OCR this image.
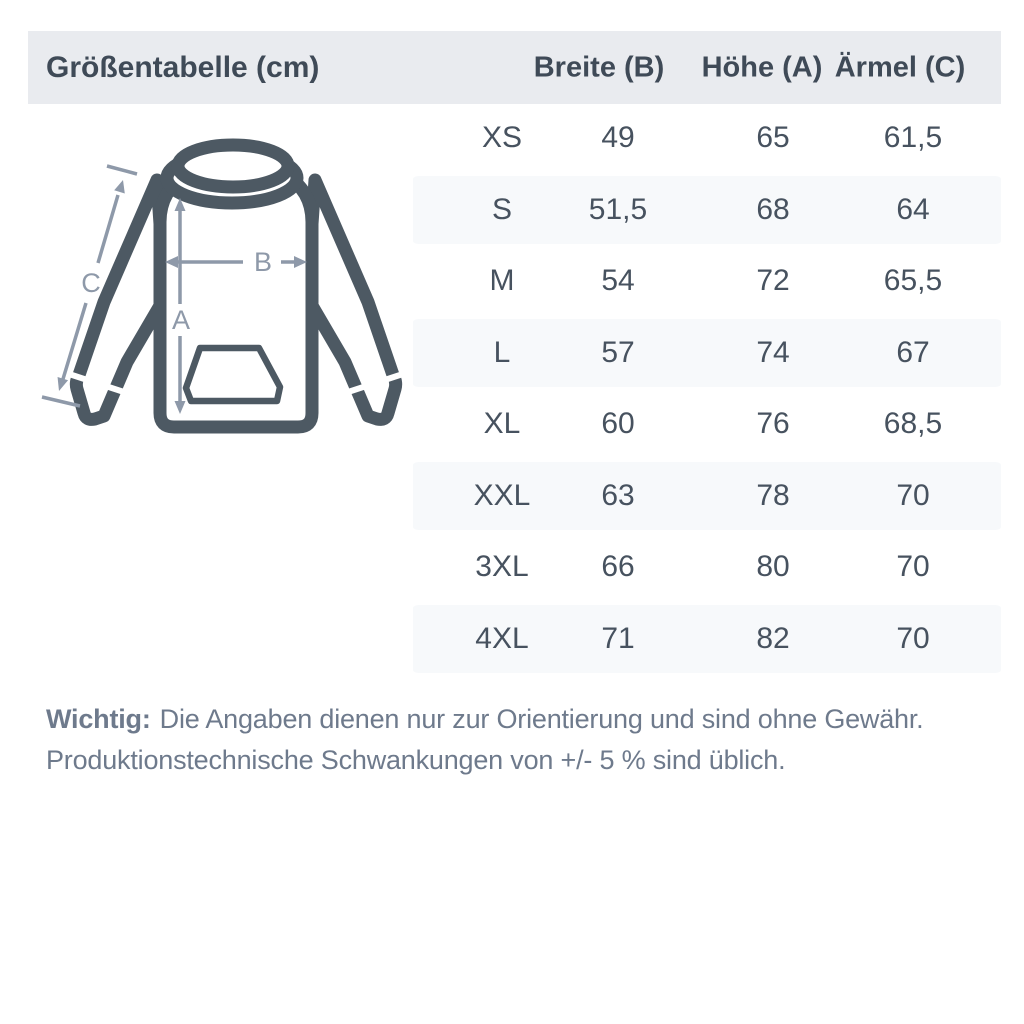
Größentabelle (cm)	Breite (B) Höhe (A) Ärmel (C)
A
B
C
XS	49	65	61,5
S	51,5	68	64
M	54	72	65,5
L	57	74	67
XL	60	76	68,5
XXL 63	78	70
3XL 66	80	70
4XL 71	82	70

Wichtig: Die Angaben dienen nur zur Orientierung und sind ohne Gewähr.
Produktionstechnische Schwankungen von +/- 5 % sind üblich.
